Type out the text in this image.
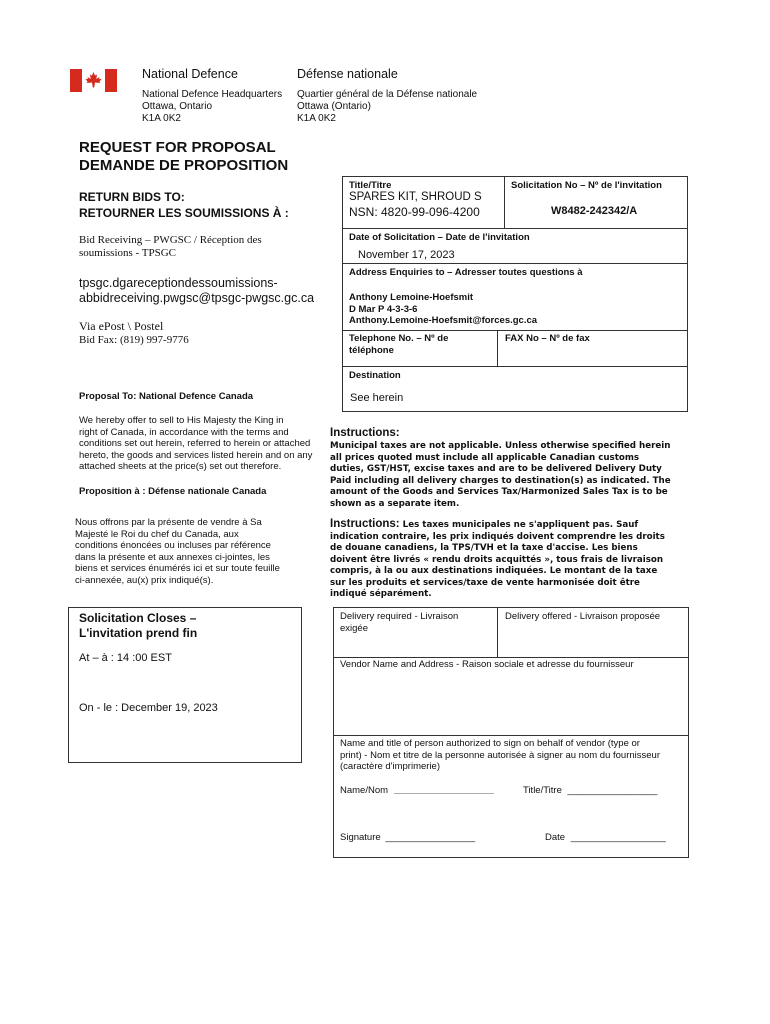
National Defence	Défense nationale
National Defence Headquarters
Ottawa, Ontario
K1A 0K2
Quartier général de la Défense nationale
Ottawa (Ontario)
K1A 0K2
REQUEST FOR PROPOSAL
DEMANDE DE PROPOSITION
RETURN BIDS TO:
RETOURNER LES SOUMISSIONS À :
Bid Receiving – PWGSC / Réception des
soumissions - TPSGC
tpsgc.dgareceptiondessoumissions-
abbidreceiving.pwgsc@tpsgc-pwgsc.gc.ca
Via ePost \ Postel
Bid Fax: (819) 997-9776
Proposal To: National Defence Canada
We hereby offer to sell to His Majesty the King in
right of Canada, in accordance with the terms and
conditions set out herein, referred to herein or attached
hereto, the goods and services listed herein and on any
attached sheets at the price(s) set out therefore.
Proposition à : Défense nationale Canada
Nous offrons par la présente de vendre à Sa
Majesté le Roi du chef du Canada, aux
conditions énoncées ou incluses par référence
dans la présente et aux annexes ci-jointes, les
biens et services énumérés ici et sur toute feuille
ci-annexée, au(x) prix indiqué(s).
Solicitation Closes –
L'invitation prend fin
At – à : 14 :00 EST
On - le : December 19, 2023
Title/Titre
SPARES KIT, SHROUD S
NSN: 4820-99-096-4200
Solicitation No – Nº de l'invitation
W8482-242342/A
Date of Solicitation – Date de l'invitation
November 17, 2023
Address Enquiries to – Adresser toutes questions à
Anthony Lemoine-Hoefsmit
D Mar P 4-3-3-6
Anthony.Lemoine-Hoefsmit@forces.gc.ca
Telephone No. – Nº de
téléphone
FAX No – Nº de fax
Destination
See herein
Instructions:
Municipal taxes are not applicable. Unless otherwise specified herein
all prices quoted must include all applicable Canadian customs
duties, GST/HST, excise taxes and are to be delivered Delivery Duty
Paid including all delivery charges to destination(s) as indicated. The
amount of the Goods and Services Tax/Harmonized Sales Tax is to be
shown as a separate item.
Instructions: Les taxes municipales ne s'appliquent pas. Sauf
indication contraire, les prix indiqués doivent comprendre les droits
de douane canadiens, la TPS/TVH et la taxe d'accise. Les biens
doivent être livrés « rendu droits acquittés », tous frais de livraison
compris, à la ou aux destinations indiquées. Le montant de la taxe
sur les produits et services/taxe de vente harmonisée doit être
indiqué séparément.
Delivery required - Livraison
exigée
Delivery offered - Livraison proposée
Vendor Name and Address - Raison sociale et adresse du fournisseur
Name and title of person authorized to sign on behalf of vendor (type or
print) - Nom et titre de la personne autorisée à signer au nom du fournisseur
(caractère d'imprimerie)
Name/Nom ___________________	Title/Titre _________________
Signature _________________	Date __________________
